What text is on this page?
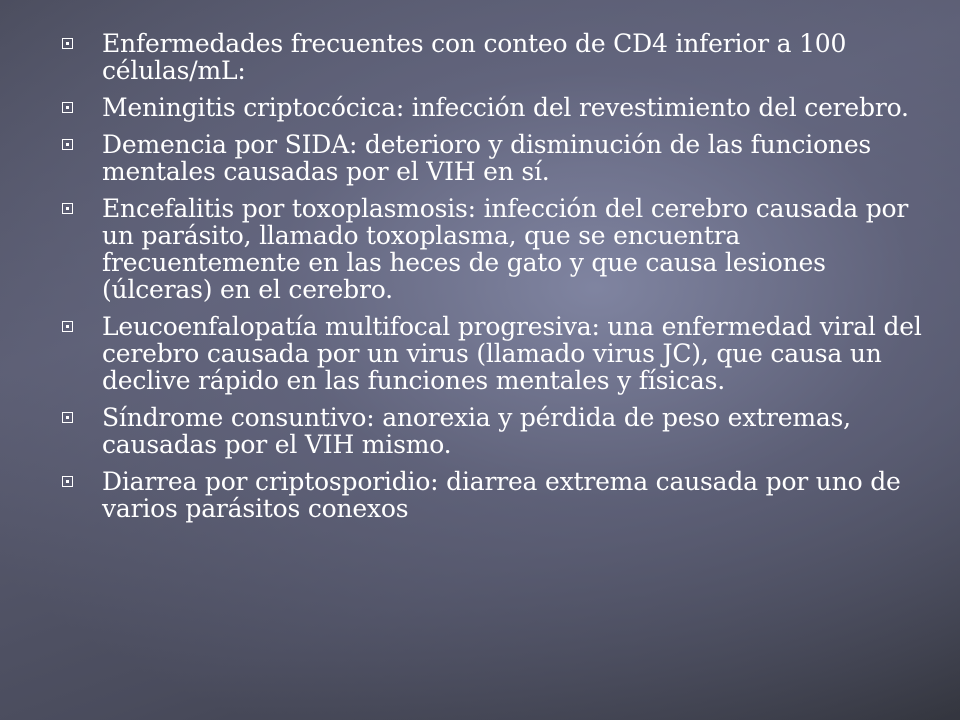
Enfermedades frecuentes con conteo de CD4 inferior a 100 células/mL:
Meningitis criptocócica: infección del revestimiento del cerebro.
Demencia por SIDA: deterioro y disminución de las funciones mentales causadas por el VIH en sí.
Encefalitis por toxoplasmosis: infección del cerebro causada por un parásito, llamado toxoplasma, que se encuentra frecuentemente en las heces de gato y que causa lesiones (úlceras) en el cerebro.
Leucoenfalopatía multifocal progresiva: una enfermedad viral del cerebro causada por un virus (llamado virus JC), que causa un declive rápido en las funciones mentales y físicas.
Síndrome consuntivo: anorexia y pérdida de peso extremas, causadas por el VIH mismo.
Diarrea por criptosporidio: diarrea extrema causada por uno de varios parásitos conexos
